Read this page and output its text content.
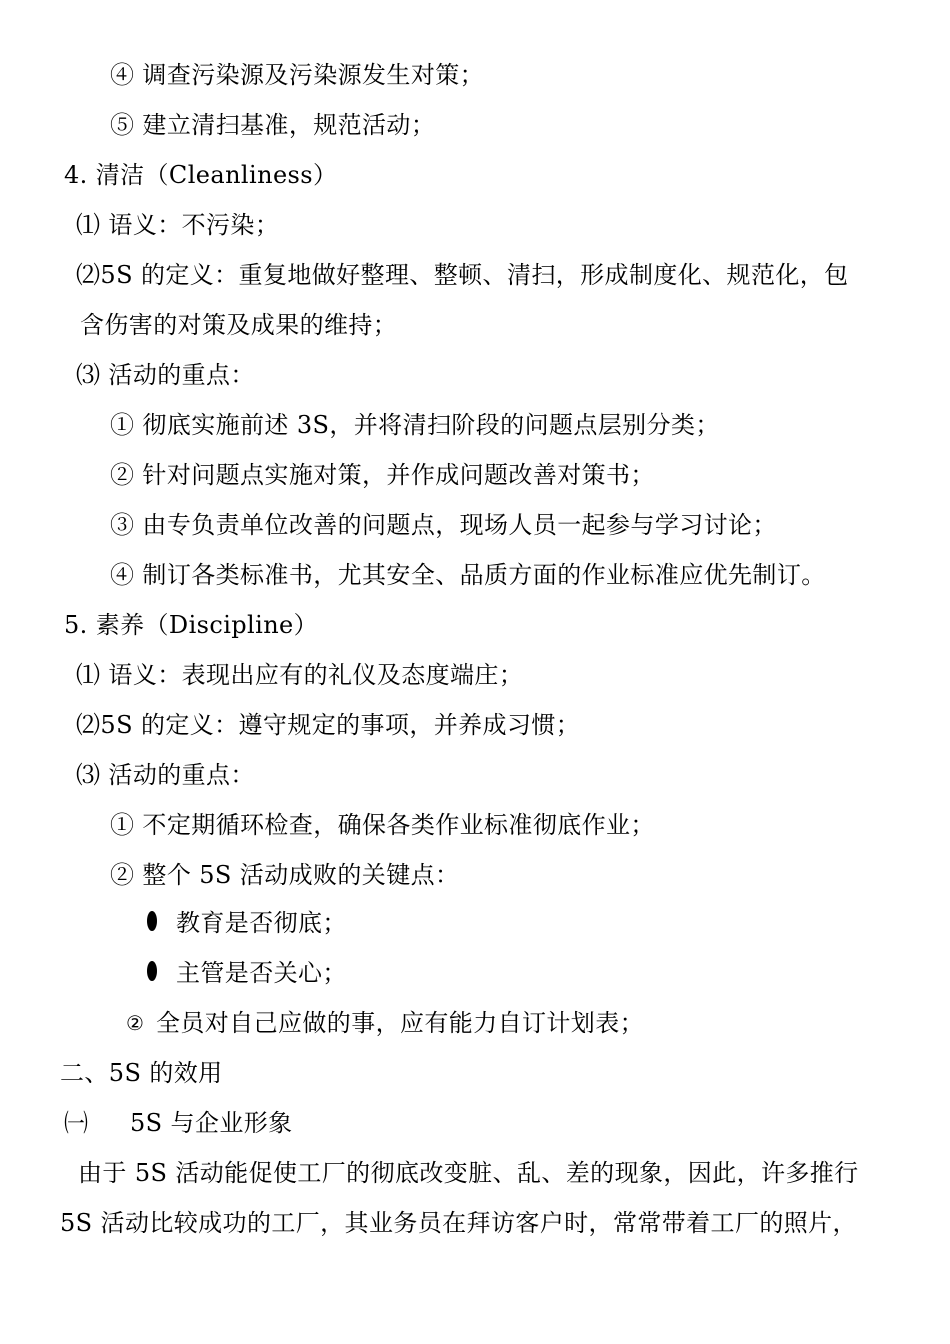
④ 调查污染源及污染源发生对策；
⑤ 建立清扫基准，规范活动；
4. 清洁（Cleanliness）
⑴ 语义：不污染；
⑵5S 的定义：重复地做好整理、整顿、清扫，形成制度化、规范化，包
含伤害的对策及成果的维持；
⑶ 活动的重点：
① 彻底实施前述 3S，并将清扫阶段的问题点层别分类；
② 针对问题点实施对策，并作成问题改善对策书；
③ 由专负责单位改善的问题点，现场人员一起参与学习讨论；
④ 制订各类标准书，尤其安全、品质方面的作业标准应优先制订。
5. 素养（Discipline）
⑴ 语义：表现出应有的礼仪及态度端庄；
⑵5S 的定义：遵守规定的事项，并养成习惯；
⑶ 活动的重点：
① 不定期循环检查，确保各类作业标准彻底作业；
② 整个 5S 活动成败的关键点：
教育是否彻底；
主管是否关心；
② 全员对自己应做的事，应有能力自订计划表；
二、5S 的效用
㈠ 5S 与企业形象
由于 5S 活动能促使工厂的彻底改变脏、乱、差的现象，因此，许多推行
5S 活动比较成功的工厂，其业务员在拜访客户时，常常带着工厂的照片，
